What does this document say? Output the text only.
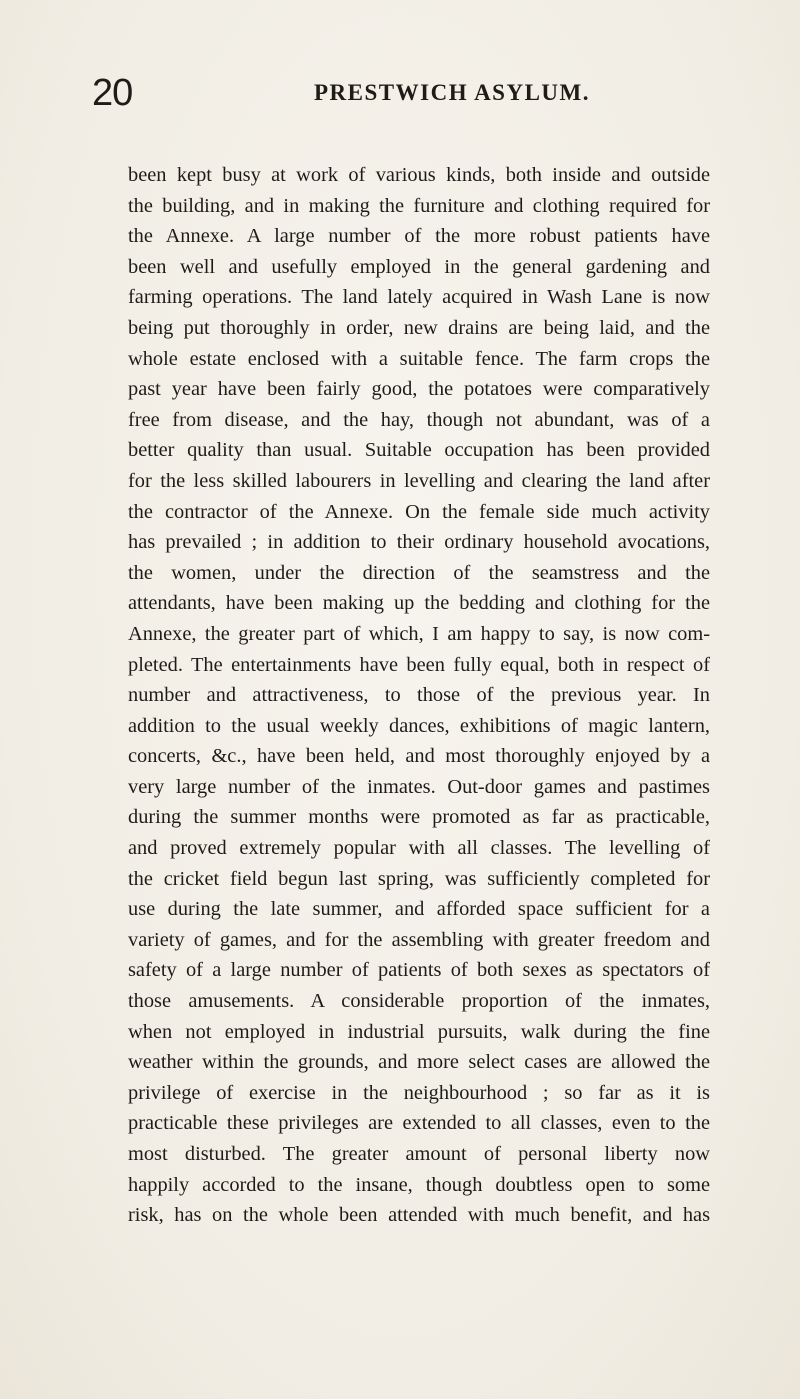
20	PRESTWICH ASYLUM.
been kept busy at work of various kinds, both inside and outside
the building, and in making the furniture and clothing required for
the Annexe. A large number of the more robust patients have
been well and usefully employed in the general gardening and
farming operations. The land lately acquired in Wash Lane is now
being put thoroughly in order, new drains are being laid, and the
whole estate enclosed with a suitable fence. The farm crops the
past year have been fairly good, the potatoes were comparatively
free from disease, and the hay, though not abundant, was of a
better quality than usual. Suitable occupation has been provided
for the less skilled labourers in levelling and clearing the land after
the contractor of the Annexe. On the female side much activity
has prevailed ; in addition to their ordinary household avocations,
the women, under the direction of the seamstress and the
attendants, have been making up the bedding and clothing for the
Annexe, the greater part of which, I am happy to say, is now com-
pleted. The entertainments have been fully equal, both in respect of
number and attractiveness, to those of the previous year. In
addition to the usual weekly dances, exhibitions of magic lantern,
concerts, &c., have been held, and most thoroughly enjoyed by a
very large number of the inmates. Out-door games and pastimes
during the summer months were promoted as far as practicable,
and proved extremely popular with all classes. The levelling of
the cricket field begun last spring, was sufficiently completed for
use during the late summer, and afforded space sufficient for a
variety of games, and for the assembling with greater freedom and
safety of a large number of patients of both sexes as spectators of
those amusements. A considerable proportion of the inmates,
when not employed in industrial pursuits, walk during the fine
weather within the grounds, and more select cases are allowed the
privilege of exercise in the neighbourhood ; so far as it is
practicable these privileges are extended to all classes, even to the
most disturbed. The greater amount of personal liberty now
happily accorded to the insane, though doubtless open to some
risk, has on the whole been attended with much benefit, and has
